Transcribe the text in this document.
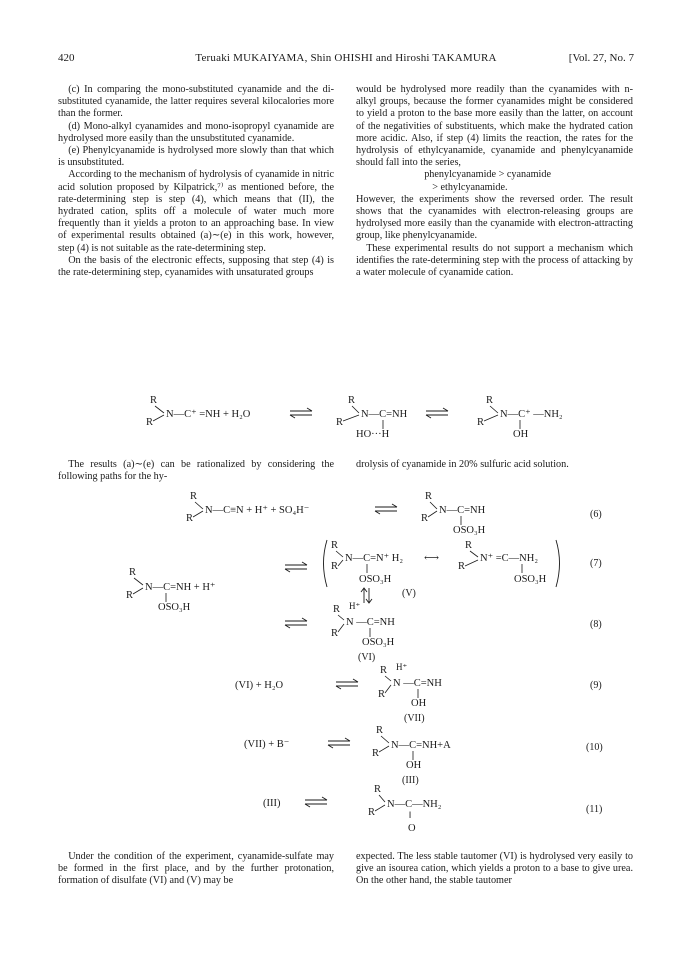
420	Teruaki MUKAIYAMA, Shin OHISHI and Hiroshi TAKAMURA	[Vol. 27, No. 7

(c) In comparing the mono-substituted cyanamide and the di-substituted cyanamide, the latter requires several kilocalories more than the former.

(d) Mono-alkyl cyanamides and mono-isopropyl cyanamide are hydrolysed more easily than the unsubstituted cyanamide.

(e) Phenylcyanamide is hydrolysed more slowly than that which is unsubstituted.

According to the mechanism of hydrolysis of cyanamide in nitric acid solution proposed by Kilpatrick,⁷⁾ as mentioned before, the rate-determining step is step (4), which means that (II), the hydrated cation, splits off a molecule of water much more frequently than it yields a proton to an approaching base. In view of experimental results obtained (a)∼(e) in this work, however, step (4) is not suitable as the rate-determining step.

On the basis of the electronic effects, supposing that step (4) is the rate-determining step, cyanamides with unsaturated groups

would be hydrolysed more readily than the cyanamides with n-alkyl groups, because the former cyanamides might be considered to yield a proton to the base more easily than the latter, on account of the negativities of substituents, which make the hydrated cation more acidic. Also, if step (4) limits the reaction, the rates for the hydrolysis of ethylcyanamide, cyanamide and phenylcyanamide should fall into the series,

phenylcyanamide > cyanamide

> ethylcyanamide.

However, the experiments show the reversed order. The result shows that the cyanamides with electron-releasing groups are hydrolysed more easily than the cyanamide with electron-attracting group, like phenylcyanamide.

These experimental results do not support a mechanism which identifies the rate-determining step with the process of attacking by a water molecule of cyanamide cation.

The results (a)∼(e) can be rationalized by considering the following paths for the hy-

drolysis of cyanamide in 20% sulfuric acid solution.

R
R
N—C⁺ =NH + H₂O
R
R
N—C=NH
HO···H
R
R
N—C⁺ —NH₂
OH
R
R
N—C≡N + H⁺ + SO₄H⁻
R
R
N—C=NH
OSO₃H
(6)
R
R
N—C=NH + H⁺
OSO₃H
R
R
N—C=N⁺ H₂
OSO₃H
⟷
R
R
N⁺ =C—NH₂
OSO₃H
(7)
(V)
R H⁺
R
N —C=NH
OSO₃H
(VI)
(8)
(VI) + H₂O
R H⁺
R
N —C=NH
OH
(VII)
(9)
(VII) + B⁻
R
R
N—C=NH+A
OH
(III)
(10)
(III)
R
R
N—C—NH₂
‖
O
(11)

Under the condition of the experiment, cyanamide-sulfate may be formed in the first place, and by the further protonation, formation of disulfate (VI) and (V) may be

expected. The less stable tautomer (VI) is hydrolysed very easily to give an isourea cation, which yields a proton to a base to give urea. On the other hand, the stable tautomer
